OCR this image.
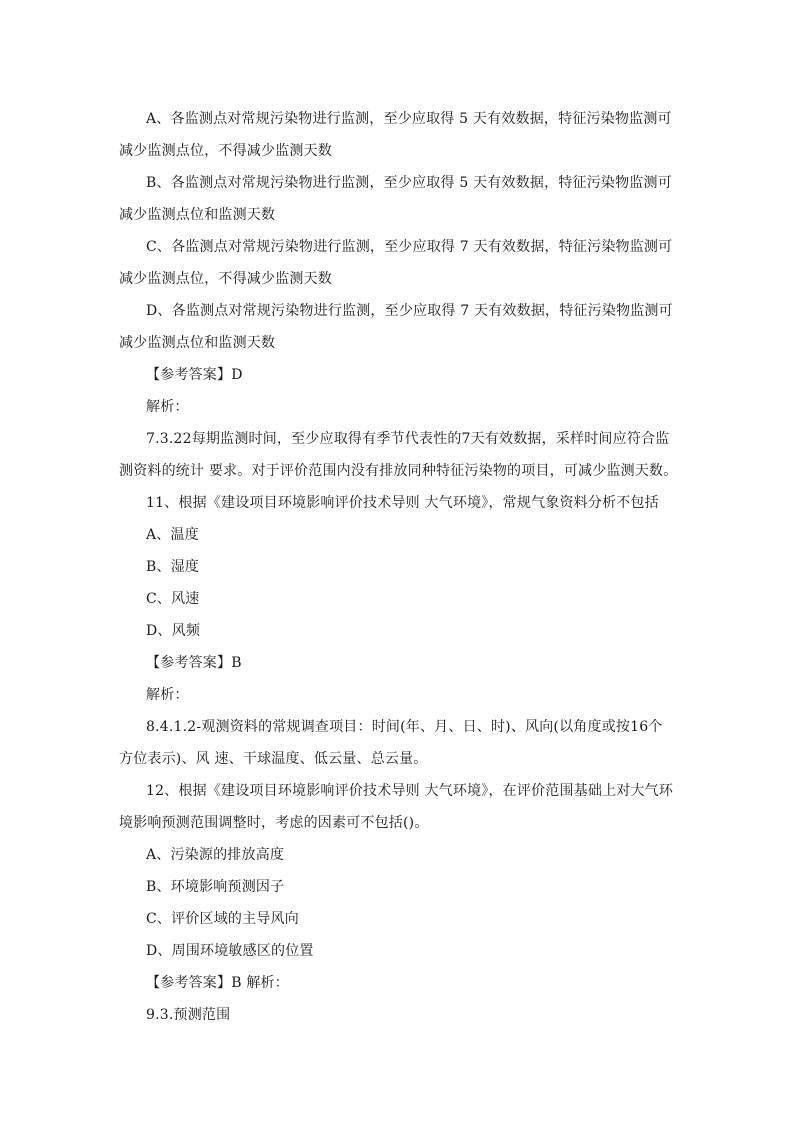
A、各监测点对常规污染物进行监测，至少应取得 5 天有效数据，特征污染物监测可
减少监测点位，不得减少监测天数
B、各监测点对常规污染物进行监测，至少应取得 5 天有效数据，特征污染物监测可
减少监测点位和监测天数
C、各监测点对常规污染物进行监测，至少应取得 7 天有效数据，特征污染物监测可
减少监测点位，不得减少监测天数
D、各监测点对常规污染物进行监测，至少应取得 7 天有效数据，特征污染物监测可
减少监测点位和监测天数
【参考答案】D
解析：
7.3.22每期监测时间，至少应取得有季节代表性的7天有效数据，采样时间应符合监
测资料的统计 要求。对于评价范围内没有排放同种特征污染物的项目，可减少监测天数。
11、根据《建设项目环境影响评价技术导则 大气环境》，常规气象资料分析不包括
A、温度
B、湿度
C、风速
D、风频
【参考答案】B
解析：
8.4.1.2-观测资料的常规调查项目：时间(年、月、日、时)、风向(以角度或按16个
方位表示)、风 速、干球温度、低云量、总云量。
12、根据《建设项目环境影响评价技术导则 大气环境》，在评价范围基础上对大气环
境影响预测范围调整时，考虑的因素可不包括()。
A、污染源的排放高度
B、环境影响预测因子
C、评价区域的主导风向
D、周围环境敏感区的位置
【参考答案】B 解析：
9.3.预测范围
